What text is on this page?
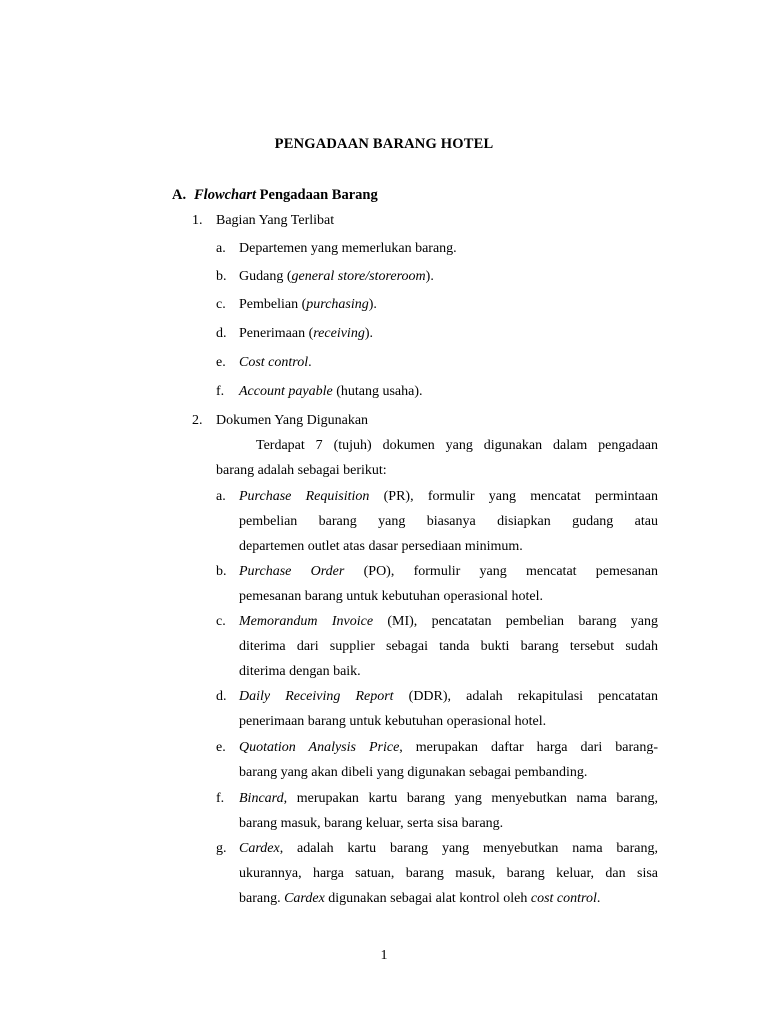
PENGADAAN BARANG HOTEL
A. Flowchart Pengadaan Barang
1. Bagian Yang Terlibat
a. Departemen yang memerlukan barang.
b. Gudang (general store/storeroom).
c. Pembelian (purchasing).
d. Penerimaan (receiving).
e. Cost control.
f. Account payable (hutang usaha).
2. Dokumen Yang Digunakan
Terdapat 7 (tujuh) dokumen yang digunakan dalam pengadaan
barang adalah sebagai berikut:
a. Purchase Requisition (PR), formulir yang mencatat permintaan
pembelian barang yang biasanya disiapkan gudang atau
departemen outlet atas dasar persediaan minimum.
b. Purchase Order (PO), formulir yang mencatat pemesanan
pemesanan barang untuk kebutuhan operasional hotel.
c. Memorandum Invoice (MI), pencatatan pembelian barang yang
diterima dari supplier sebagai tanda bukti barang tersebut sudah
diterima dengan baik.
d. Daily Receiving Report (DDR), adalah rekapitulasi pencatatan
penerimaan barang untuk kebutuhan operasional hotel.
e. Quotation Analysis Price, merupakan daftar harga dari barang-
barang yang akan dibeli yang digunakan sebagai pembanding.
f. Bincard, merupakan kartu barang yang menyebutkan nama barang,
barang masuk, barang keluar, serta sisa barang.
g. Cardex, adalah kartu barang yang menyebutkan nama barang,
ukurannya, harga satuan, barang masuk, barang keluar, dan sisa
barang. Cardex digunakan sebagai alat kontrol oleh cost control.
1
